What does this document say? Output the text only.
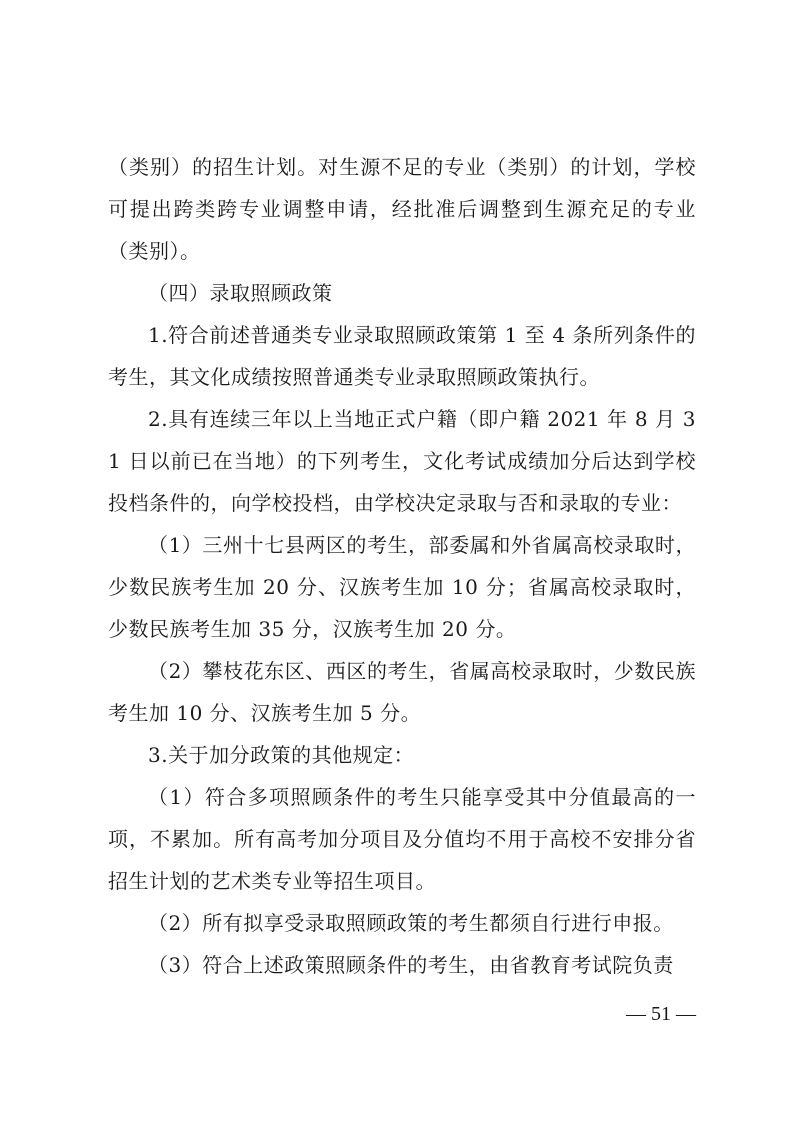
（类别）的招生计划。对生源不足的专业（类别）的计划，学校可提出跨类跨专业调整申请，经批准后调整到生源充足的专业（类别）。

（四）录取照顾政策

1.符合前述普通类专业录取照顾政策第 1 至 4 条所列条件的考生，其文化成绩按照普通类专业录取照顾政策执行。

2.具有连续三年以上当地正式户籍（即户籍 2021 年 8 月 31 日以前已在当地）的下列考生，文化考试成绩加分后达到学校投档条件的，向学校投档，由学校决定录取与否和录取的专业：

（1）三州十七县两区的考生，部委属和外省属高校录取时，少数民族考生加 20 分、汉族考生加 10 分；省属高校录取时，少数民族考生加 35 分，汉族考生加 20 分。

（2）攀枝花东区、西区的考生，省属高校录取时，少数民族考生加 10 分、汉族考生加 5 分。

3.关于加分政策的其他规定：

（1）符合多项照顾条件的考生只能享受其中分值最高的一项，不累加。所有高考加分项目及分值均不用于高校不安排分省招生计划的艺术类专业等招生项目。

（2）所有拟享受录取照顾政策的考生都须自行进行申报。

（3）符合上述政策照顾条件的考生，由省教育考试院负责

— 51 —
